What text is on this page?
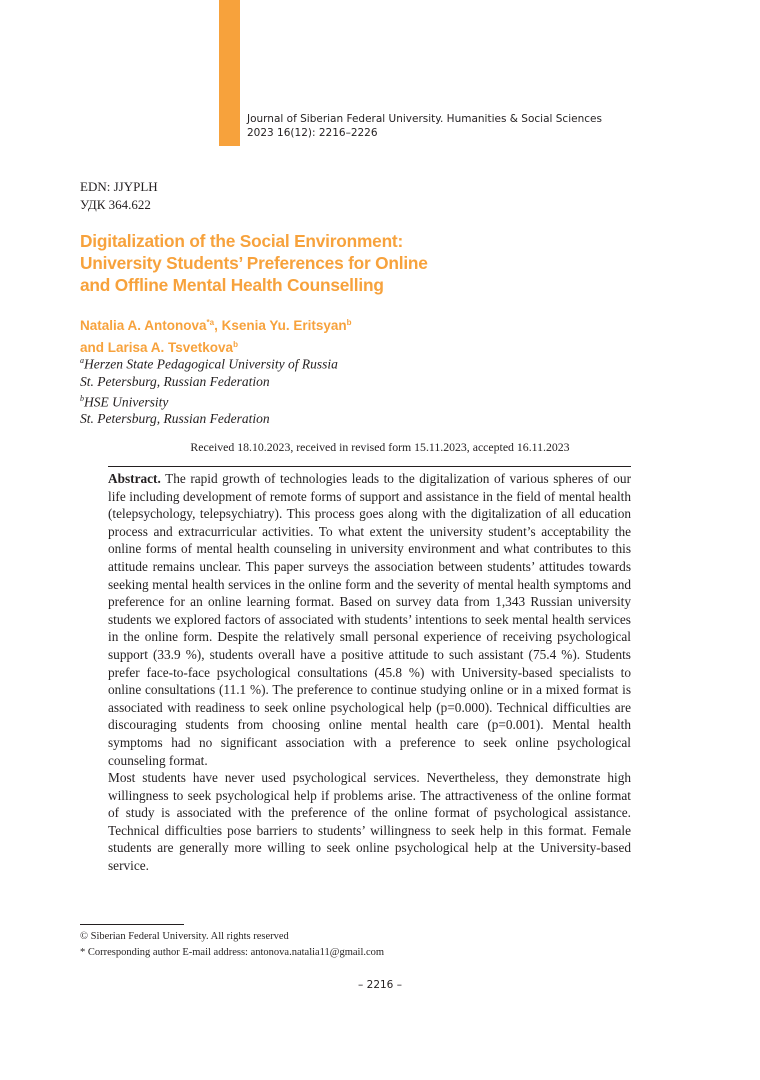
Journal of Siberian Federal University. Humanities & Social Sciences
2023 16(12): 2216–2226
EDN: JJYPLH
УДК 364.622
Digitalization of the Social Environment:
University Students’ Preferences for Online
and Offline Mental Health Counselling
Natalia A. Antonova$^{*a}$, Ksenia Yu. Eritsyan$^b$
and Larisa A. Tsvetkova$^b$
$^a$Herzen State Pedagogical University of Russia
St. Petersburg, Russian Federation
$^b$HSE University
St. Petersburg, Russian Federation
Received 18.10.2023, received in revised form 15.11.2023, accepted 16.11.2023

Abstract. The rapid growth of technologies leads to the digitalization of various spheres of our life including development of remote forms of support and assistance in the field of mental health (telepsychology, telepsychiatry). This process goes along with the digitalization of all education process and extracurricular activities. To what extent the university student’s acceptability the online forms of mental health counseling in university environment and what contributes to this attitude remains unclear. This paper surveys the association between students’ attitudes towards seeking mental health services in the online form and the severity of mental health symptoms and preference for an online learning format. Based on survey data from 1,343 Russian university students we explored factors of associated with students’ intentions to seek mental health services in the online form. Despite the relatively small personal experience of receiving psychological support (33.9 %), students overall have a positive attitude to such assistant (75.4 %). Students prefer face-to-face psychological consultations (45.8 %) with University-based specialists to online consultations (11.1 %). The preference to continue studying online or in a mixed format is associated with readiness to seek online psychological help (p=0.000). Technical difficulties are discouraging students from choosing online mental health care (p=0.001). Mental health symptoms had no significant association with a preference to seek online psychological counseling format.

Most students have never used psychological services. Nevertheless, they demonstrate high willingness to seek psychological help if problems arise. The attractiveness of the online format of study is associated with the preference of the online format of psychological assistance. Technical difficulties pose barriers to students’ willingness to seek help in this format. Female students are generally more willing to seek online psychological help at the University-based service.

© Siberian Federal University. All rights reserved
* Corresponding author E-mail address: antonova.natalia11@gmail.com
– 2216 –
